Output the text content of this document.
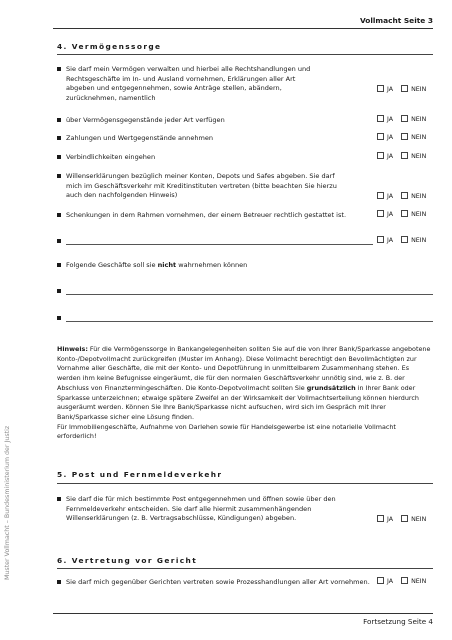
Vollmacht Seite 3
Muster Vollmacht – Bundesministerium der Justiz
4. Vermögenssorge
Sie darf mein Vermögen verwalten und hierbei alle Rechtshandlungen und Rechtsgeschäfte im In- und Ausland vornehmen, Erklärungen aller Art abgeben und entgegennehmen, sowie Anträge stellen, abändern, zurücknehmen, namentlich
JA	NEIN
über Vermögensgegenstände jeder Art verfügen	JA	NEIN
Zahlungen und Wertgegenstände annehmen	JA	NEIN
Verbindlichkeiten eingehen	JA	NEIN
Willenserklärungen bezüglich meiner Konten, Depots und Safes abgeben. Sie darf mich im Geschäftsverkehr mit Kreditinstituten vertreten (bitte beachten Sie hierzu auch den nachfolgenden Hinweis)	JA	NEIN
Schenkungen in dem Rahmen vornehmen, der einem Betreuer rechtlich gestattet ist.	JA	NEIN
JA	NEIN
Folgende Geschäfte soll sie nicht wahrnehmen können
Hinweis: Für die Vermögenssorge in Bankangelegenheiten sollten Sie auf die von Ihrer Bank/Sparkasse angebotene Konto-/Depotvollmacht zurückgreifen (Muster im Anhang). Diese Vollmacht berechtigt den Bevollmächtigten zur Vornahme aller Geschäfte, die mit der Konto- und Depotführung in unmittelbarem Zusammenhang stehen. Es werden ihm keine Befugnisse eingeräumt, die für den normalen Geschäftsverkehr unnötig sind, wie z. B. der Abschluss von Finanztermingeschäften. Die Konto-Depotvollmacht sollten Sie grundsätzlich in Ihrer Bank oder Sparkasse unterzeichnen; etwaige spätere Zweifel an der Wirksamkeit der Vollmachtserteilung können hierdurch ausgeräumt werden. Können Sie Ihre Bank/Sparkasse nicht aufsuchen, wird sich im Gespräch mit Ihrer Bank/Sparkasse sicher eine Lösung finden.
Für Immobiliengeschäfte, Aufnahme von Darlehen sowie für Handelsgewerbe ist eine notarielle Vollmacht erforderlich!
5. Post und Fernmeldeverkehr
Sie darf die für mich bestimmte Post entgegennehmen und öffnen sowie über den Fernmeldeverkehr entscheiden. Sie darf alle hiermit zusammenhängenden Willenserklärungen (z. B. Vertragsabschlüsse, Kündigungen) abgeben.	JA	NEIN
6. Vertretung vor Gericht
Sie darf mich gegenüber Gerichten vertreten sowie Prozesshandlungen aller Art vornehmen.	JA	NEIN
Fortsetzung Seite 4
